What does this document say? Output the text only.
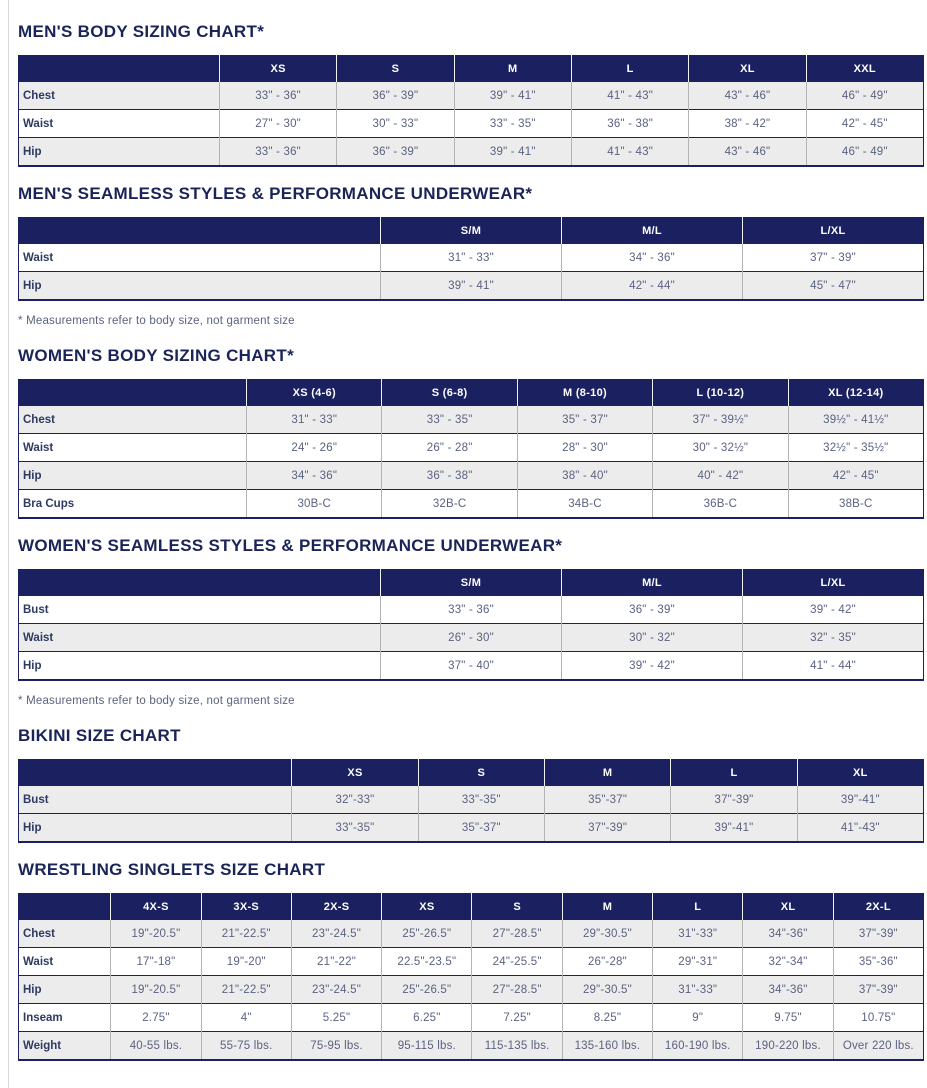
MEN'S BODY SIZING CHART*
	XS	S	M	L	XL	XXL
Chest	33" - 36"	36" - 39"	39" - 41"	41" - 43"	43" - 46"	46" - 49"
Waist	27" - 30"	30" - 33"	33" - 35"	36" - 38"	38" - 42"	42" - 45"
Hip	33" - 36"	36" - 39"	39" - 41"	41" - 43"	43" - 46"	46" - 49"
MEN'S SEAMLESS STYLES & PERFORMANCE UNDERWEAR*
	S/M	M/L	L/XL
Waist	31" - 33"	34" - 36"	37" - 39"
Hip	39" - 41"	42" - 44"	45" - 47"

* Measurements refer to body size, not garment size

WOMEN'S BODY SIZING CHART*
	XS (4-6)	S (6-8)	M (8-10)	L (10-12)	XL (12-14)
Chest	31" - 33"	33" - 35"	35" - 37"	37" - 39½"	39½" - 41½"
Waist	24" - 26"	26" - 28"	28" - 30"	30" - 32½"	32½" - 35½"
Hip	34" - 36"	36" - 38"	38" - 40"	40" - 42"	42" - 45"
Bra Cups	30B-C	32B-C	34B-C	36B-C	38B-C
WOMEN'S SEAMLESS STYLES & PERFORMANCE UNDERWEAR*
	S/M	M/L	L/XL
Bust	33" - 36"	36" - 39"	39" - 42"
Waist	26" - 30"	30" - 32"	32" - 35"
Hip	37" - 40"	39" - 42"	41" - 44"

* Measurements refer to body size, not garment size

BIKINI SIZE CHART
	XS	S	M	L	XL
Bust	32"-33"	33"-35"	35"-37"	37"-39"	39"-41"
Hip	33"-35"	35"-37"	37"-39"	39"-41"	41"-43"
WRESTLING SINGLETS SIZE CHART
	4X-S	3X-S	2X-S	XS	S	M	L	XL	2X-L
Chest	19"-20.5"	21"-22.5"	23"-24.5"	25"-26.5"	27"-28.5"	29"-30.5"	31"-33"	34"-36"	37"-39"
Waist	17"-18"	19"-20"	21"-22"	22.5"-23.5"	24"-25.5"	26"-28"	29"-31"	32"-34"	35"-36"
Hip	19"-20.5"	21"-22.5"	23"-24.5"	25"-26.5"	27"-28.5"	29"-30.5"	31"-33"	34"-36"	37"-39"
Inseam	2.75"	4"	5.25"	6.25"	7.25"	8.25"	9"	9.75"	10.75"
Weight	40-55 lbs.	55-75 lbs.	75-95 lbs.	95-115 lbs.	115-135 lbs.	135-160 lbs.	160-190 lbs.	190-220 lbs.	Over 220 lbs.
